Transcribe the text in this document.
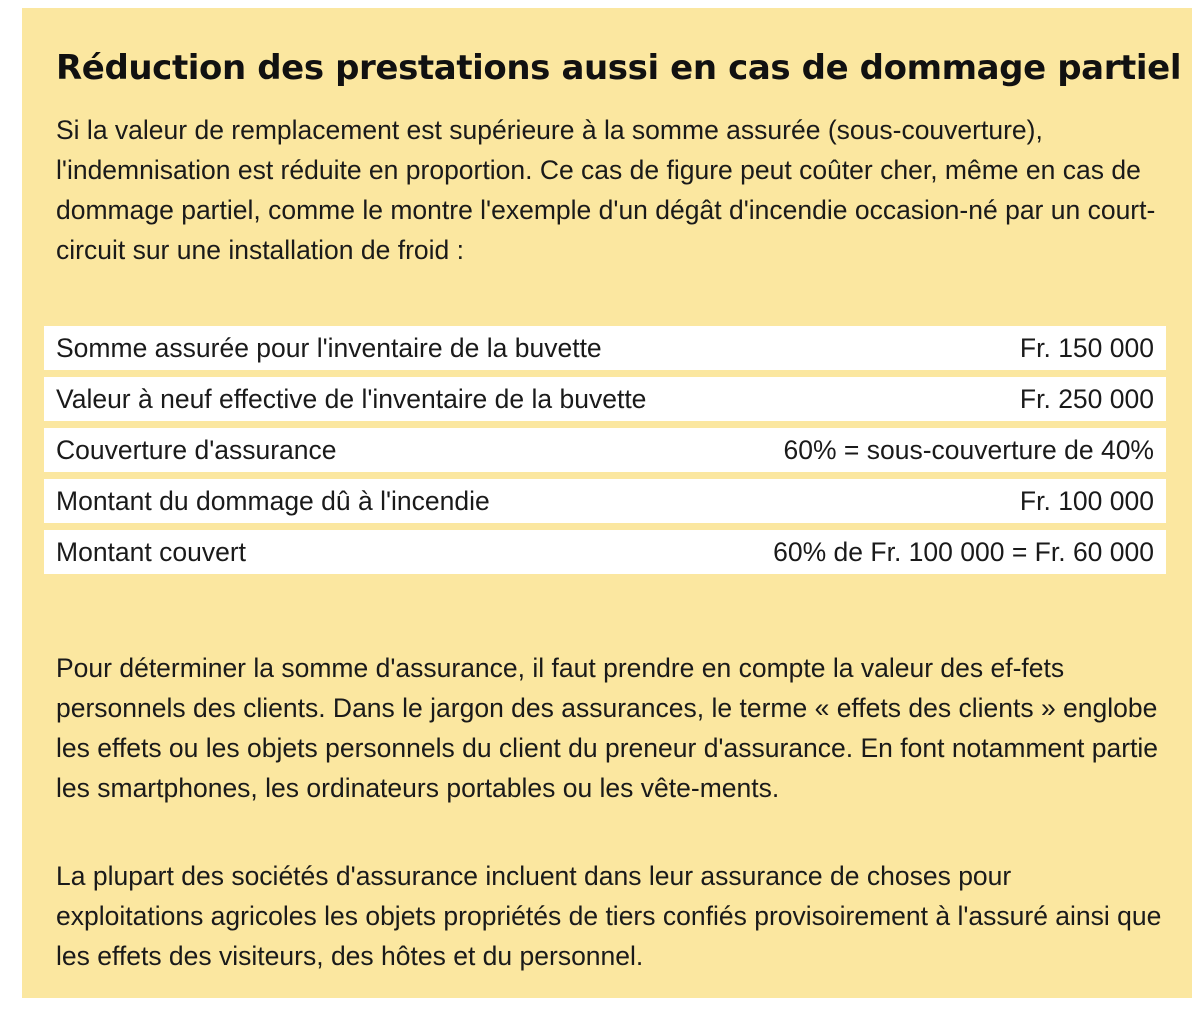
Réduction des prestations aussi en cas de dommage partiel

Si la valeur de remplacement est supérieure à la somme assurée (sous-couverture), l'indemnisation est réduite en proportion. Ce cas de figure peut coûter cher, même en cas de dommage partiel, comme le montre l'exemple d'un dégât d'incendie occasion-né par un court-circuit sur une installation de froid :

Somme assurée pour l'inventaire de la buvette	Fr. 150 000
Valeur à neuf effective de l'inventaire de la buvette	Fr. 250 000
Couverture d'assurance	60% = sous-couverture de 40%
Montant du dommage dû à l'incendie	Fr. 100 000
Montant couvert	60% de Fr. 100 000 = Fr. 60 000

Pour déterminer la somme d'assurance, il faut prendre en compte la valeur des ef-fets personnels des clients. Dans le jargon des assurances, le terme « effets des clients » englobe les effets ou les objets personnels du client du preneur d'assurance. En font notamment partie les smartphones, les ordinateurs portables ou les vête-ments.

La plupart des sociétés d'assurance incluent dans leur assurance de choses pour exploitations agricoles les objets propriétés de tiers confiés provisoirement à l'assuré ainsi que les effets des visiteurs, des hôtes et du personnel.
